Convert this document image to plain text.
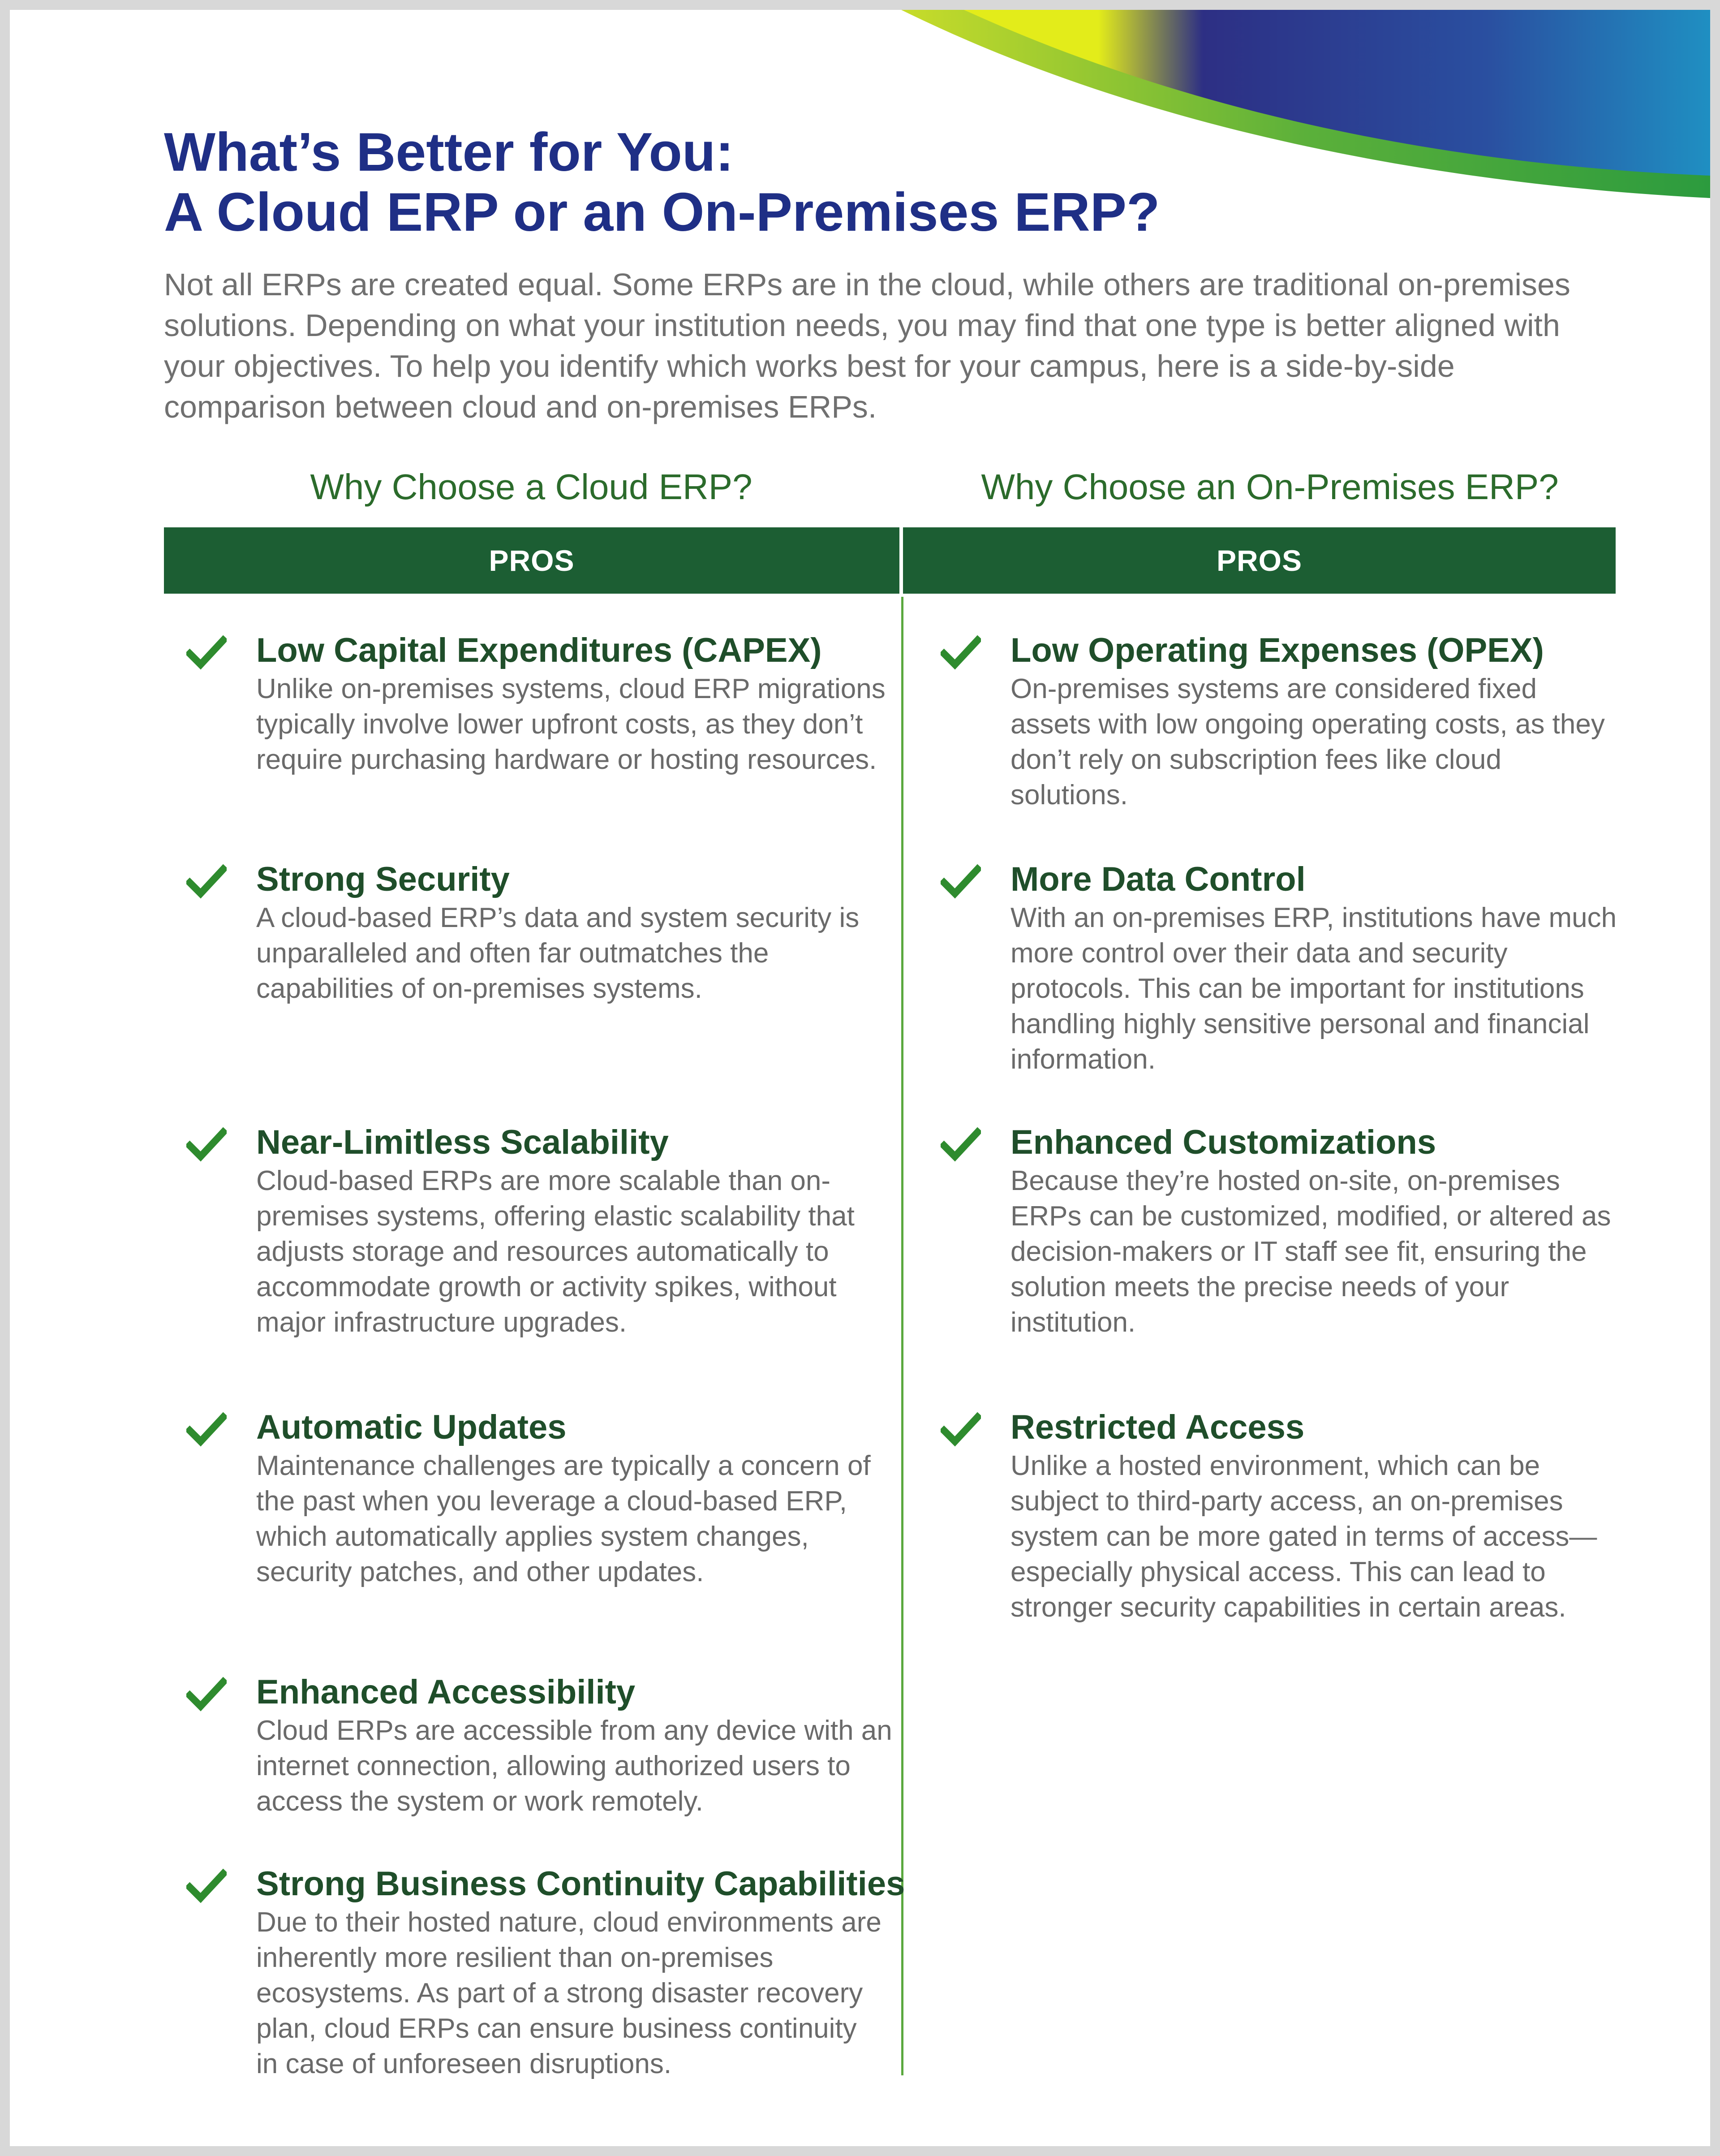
What’s Better for You:
A Cloud ERP or an On-Premises ERP?

Not all ERPs are created equal. Some ERPs are in the cloud, while others are traditional on-premises solutions. Depending on what your institution needs, you may find that one type is better aligned with your objectives. To help you identify which works best for your campus, here is a side-by-side comparison between cloud and on-premises ERPs.

Why Choose a Cloud ERP?	Why Choose an On-Premises ERP?
PROS	PROS
Low Capital Expenditures (CAPEX)

Unlike on-premises systems, cloud ERP migrations typically involve lower upfront costs, as they don’t require purchasing hardware or hosting resources.

Strong Security

A cloud-based ERP’s data and system security is unparalleled and often far outmatches the capabilities of on-premises systems.

Near-Limitless Scalability

Cloud-based ERPs are more scalable than on-premises systems, offering elastic scalability that adjusts storage and resources automatically to accommodate growth or activity spikes, without major infrastructure upgrades.

Automatic Updates

Maintenance challenges are typically a concern of the past when you leverage a cloud-based ERP, which automatically applies system changes, security patches, and other updates.

Enhanced Accessibility

Cloud ERPs are accessible from any device with an internet connection, allowing authorized users to access the system or work remotely.

Strong Business Continuity Capabilities

Due to their hosted nature, cloud environments are inherently more resilient than on-premises ecosystems. As part of a strong disaster recovery plan, cloud ERPs can ensure business continuity in case of unforeseen disruptions.

Low Operating Expenses (OPEX)

On-premises systems are considered fixed assets with low ongoing operating costs, as they don’t rely on subscription fees like cloud solutions.

More Data Control

With an on-premises ERP, institutions have much more control over their data and security protocols. This can be important for institutions handling highly sensitive personal and financial information.

Enhanced Customizations

Because they’re hosted on-site, on-premises ERPs can be customized, modified, or altered as decision-makers or IT staff see fit, ensuring the solution meets the precise needs of your institution.

Restricted Access

Unlike a hosted environment, which can be subject to third-party access, an on-premises system can be more gated in terms of access—especially physical access. This can lead to stronger security capabilities in certain areas.
